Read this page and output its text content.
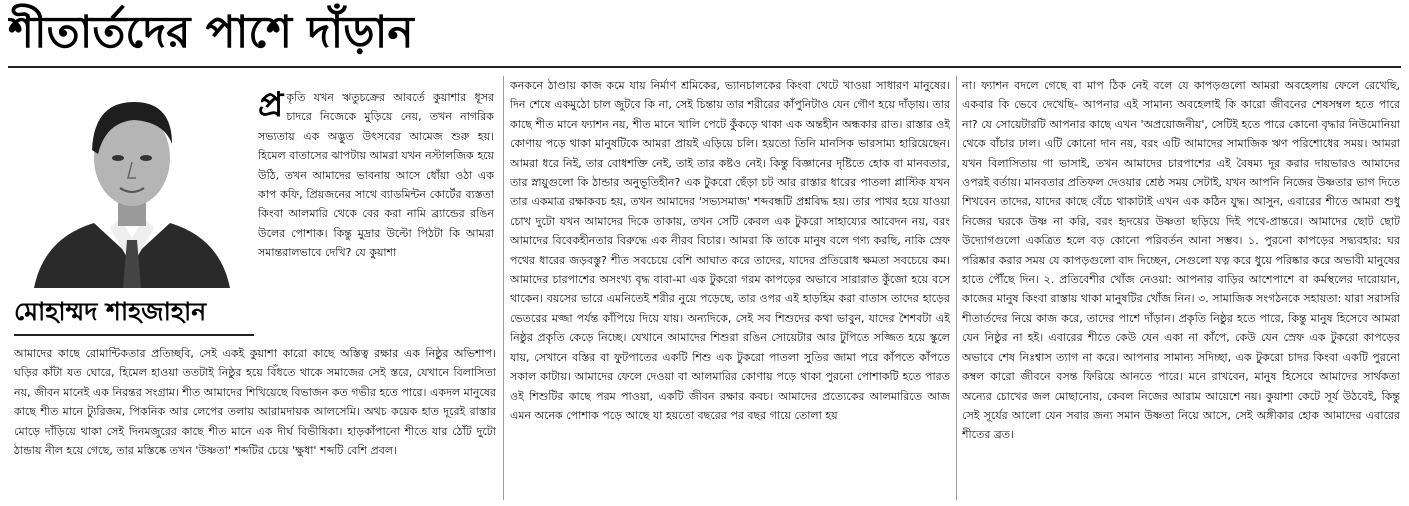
শীতার্তদের পাশে দাঁড়ান
মোহাম্মদ শাহজাহান
প্র কৃতি যখন ঋতুচক্রের আবর্তে কুয়াশার ধূসর চাদরে নিজেকে মুড়িয়ে নেয়, তখন নাগরিক সভ্যতায় এক অদ্ভুত উৎসবের আমেজ শুরু হয়। হিমেল বাতাসের ঝাপটায় আমরা যখন নস্টালজিক হয়ে উঠি, তখন আমাদের ভাবনায় আসে ধোঁয়া ওঠা এক কাপ কফি, প্রিয়জনের সাথে ব্যাডমিন্টন কোর্টের ব্যস্ততা কিংবা আলমারি থেকে বের করা নামি ব্র্যান্ডের রঙিন উলের পোশাক। কিন্তু মুদ্রার উল্টো পিঠটা কি আমরা সমান্তরালভাবে দেখি? যে কুয়াশা
আমাদের কাছে রোমান্টিকতার প্রতিচ্ছবি, সেই একই কুয়াশা কারো কাছে অস্তিত্ব রক্ষার এক নিষ্ঠুর অভিশাপ। ঘড়ির কাঁটা যত ঘোরে, হিমেল হাওয়া ততটাই নিষ্ঠুর হয়ে বিঁধতে থাকে সমাজের সেই স্তরে, যেখানে বিলাসিতা নয়, জীবন মানেই এক নিরন্তর সংগ্রাম। শীত আমাদের শিখিয়েছে বিভাজন কত গভীর হতে পারে। একদল মানুষের কাছে শীত মানে ট্যুরিজম, পিকনিক আর লেপের তলায় আরামদায়ক আলসেমি। অথচ কয়েক হাত দূরেই রাস্তার মোড়ে দাঁড়িয়ে থাকা সেই দিনমজুরের কাছে শীত মানে এক দীর্ঘ বিভীষিকা। হাড়কাঁপানো শীতে যার ঠোঁট দুটো ঠান্ডায় নীল হয়ে গেছে, তার মস্তিষ্কে তখন 'উষ্ণতা' শব্দটির চেয়ে 'ক্ষুধা' শব্দটি বেশি প্রবল।
কনকনে ঠাণ্ডায় কাজ কমে যায় নির্মাণ শ্রমিকের, ভ্যানচালকের কিংবা খেটে খাওয়া সাধারণ মানুষের। দিন শেষে একমুঠো চাল জুটবে কি না, সেই চিন্তায় তার শরীরের কাঁপুনিটাও যেন গৌণ হয়ে দাঁড়ায়। তার কাছে শীত মানে ফ্যাশন নয়, শীত মানে খালি পেটে কুঁকড়ে থাকা এক অন্তহীন অন্ধকার রাত। রাস্তার ওই কোণায় পড়ে থাকা মানুষটিকে আমরা প্রায়ই এড়িয়ে চলি। হয়তো তিনি মানসিক ভারসাম্য হারিয়েছেন। আমরা ধরে নিই, তার বোধশক্তি নেই, তাই তার কষ্টও নেই। কিন্তু বিজ্ঞানের দৃষ্টিতে হোক বা মানবতার, তার স্নায়ুগুলো কি ঠান্ডার অনুভূতিহীন? এক টুকরো ছেঁড়া চট আর রাস্তার ধারের পাতলা প্লাস্টিক যখন তার একমাত্র রক্ষাকবচ হয়, তখন আমাদের 'সভ্যসমাজ' শব্দবন্ধটি প্রশ্নবিদ্ধ হয়। তার পাথর হয়ে যাওয়া চোখ দুটো যখন আমাদের দিকে তাকায়, তখন সেটি কেবল এক টুকরো সাহায্যের আবেদন নয়, বরং আমাদের বিবেকহীনতার বিরুদ্ধে এক নীরব বিচার। আমরা কি তাকে মানুষ বলে গণ্য করছি, নাকি স্রেফ পথের ধারের জড়বস্তু? শীত সবচেয়ে বেশি আঘাত করে তাদের, যাদের প্রতিরোধ ক্ষমতা সবচেয়ে কম। আমাদের চারপাশের অসংখ্য বৃদ্ধ বাবা-মা এক টুকরো গরম কাপড়ের অভাবে সারারাত কুঁজো হয়ে বসে থাকেন। বয়সের ভারে এমনিতেই শরীর নুয়ে পড়েছে, তার ওপর এই হাড়হিম করা বাতাস তাদের হাড়ের ভেতরের মজ্জা পর্যন্ত কাঁপিয়ে দিয়ে যায়। অন্যদিকে, সেই সব শিশুদের কথা ভাবুন, যাদের শৈশবটা এই নিষ্ঠুর প্রকৃতি কেড়ে নিচ্ছে। যেখানে আমাদের শিশুরা রঙিন সোয়েটার আর টুপিতে সজ্জিত হয়ে স্কুলে যায়, সেখানে বস্তির বা ফুটপাতের একটি শিশু এক টুকরো পাতলা সুতির জামা পরে কাঁপতে কাঁপতে সকাল কাটায়। আমাদের ফেলে দেওয়া বা আলমারির কোণায় পড়ে থাকা পুরনো পোশাকটি হতে পারত ওই শিশুটির কাছে পরম পাওয়া, একটি জীবন রক্ষার কবচ। আমাদের প্রত্যেকের আলমারিতে আজ এমন অনেক পোশাক পড়ে আছে যা হয়তো বছরের পর বছর গায়ে তোলা হয়
না। ফ্যাশন বদলে গেছে বা মাপ ঠিক নেই বলে যে কাপড়গুলো আমরা অবহেলায় ফেলে রেখেছি, একবার কি ভেবে দেখেছি- আপনার এই সামান্য অবহেলাই কি কারো জীবনের শেষসম্বল হতে পারে না? যে সোয়েটারটি আপনার কাছে এখন 'অপ্রয়োজনীয়', সেটিই হতে পারে কোনো বৃদ্ধার নিউমোনিয়া থেকে বাঁচার ঢাল। এটি কোনো দান নয়, বরং এটি আমাদের সামাজিক ঋণ পরিশোধের সময়। আমরা যখন বিলাসিতায় গা ভাসাই, তখন আমাদের চারপাশের এই বৈষম্য দূর করার দায়ভারও আমাদের ওপরই বর্তায়। মানবতার প্রতিফল দেওয়ার শ্রেষ্ঠ সময় সেটাই, যখন আপনি নিজের উষ্ণতার ভাগ দিতে শিখবেন তাদের, যাদের কাছে বেঁচে থাকাটাই এখন এক কঠিন যুদ্ধ। আসুন, এবারের শীতে আমরা শুধু নিজের ঘরকে উষ্ণ না করি, বরং হৃদয়ের উষ্ণতা ছড়িয়ে দিই পথে-প্রান্তরে। আমাদের ছোট ছোট উদ্যোগগুলো একত্রিত হলে বড় কোনো পরিবর্তন আনা সম্ভব। ১. পুরনো কাপড়ের সদ্ব্যবহার: ঘর পরিষ্কার করার সময় যে কাপড়গুলো বাদ দিচ্ছেন, সেগুলো যত্ন করে ধুয়ে পরিষ্কার করে অভাবী মানুষের হাতে পৌঁছে দিন। ২. প্রতিবেশীর খোঁজ নেওয়া: আপনার বাড়ির আশেপাশে বা কর্মস্থলের দারোয়ান, কাজের মানুষ কিংবা রাস্তায় থাকা মানুষটির খোঁজ নিন। ৩. সামাজিক সংগঠনকে সহায়তা: যারা সরাসরি শীতার্তদের নিয়ে কাজ করে, তাদের পাশে দাঁড়ান। প্রকৃতি নিষ্ঠুর হতে পারে, কিন্তু মানুষ হিসেবে আমরা যেন নিষ্ঠুর না হই। এবারের শীতে কেউ যেন একা না কাঁপে, কেউ যেন স্রেফ এক টুকরো কাপড়ের অভাবে শেষ নিঃশ্বাস ত্যাগ না করে। আপনার সামান্য সদিচ্ছা, এক টুকরো চাদর কিংবা একটি পুরনো কম্বল কারো জীবনে বসন্ত ফিরিয়ে আনতে পারে। মনে রাখবেন, মানুষ হিসেবে আমাদের সার্থকতা অন্যের চোখের জল মোছানোয়, কেবল নিজের আরাম আয়েশে নয়। কুয়াশা কেটে সূর্য উঠবেই, কিন্তু সেই সূর্যের আলো যেন সবার জন্য সমান উষ্ণতা নিয়ে আসে, সেই অঙ্গীকার হোক আমাদের এবারের শীতের ব্রত।
